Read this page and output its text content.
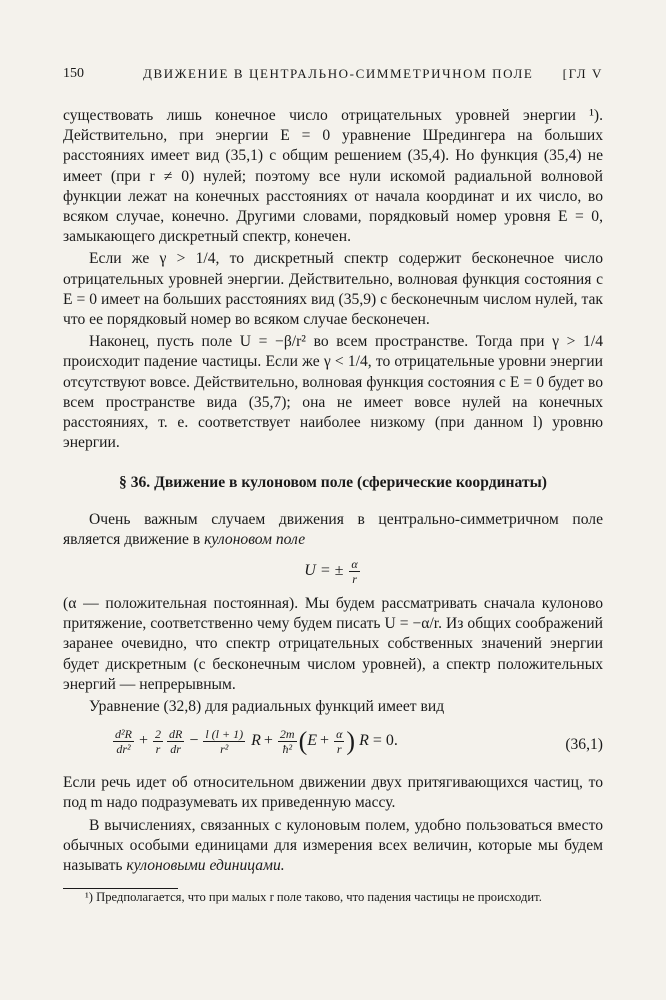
150	ДВИЖЕНИЕ В ЦЕНТРАЛЬНО-СИММЕТРИЧНОМ ПОЛЕ [ГЛ V

существовать лишь конечное число отрицательных уровней энергии ¹). Действительно, при энергии E = 0 уравнение Шредингера на больших расстояниях имеет вид (35,1) с общим решением (35,4). Но функция (35,4) не имеет (при r ≠ 0) нулей; поэтому все нули искомой радиальной волновой функции лежат на конечных расстояниях от начала координат и их число, во всяком случае, конечно. Другими словами, порядковый номер уровня E = 0, замыкающего дискретный спектр, конечен.

Если же γ > 1/4, то дискретный спектр содержит бесконечное число отрицательных уровней энергии. Действительно, волновая функция состояния с E = 0 имеет на больших расстояниях вид (35,9) с бесконечным числом нулей, так что ее порядковый номер во всяком случае бесконечен.

Наконец, пусть поле U = −β/r² во всем пространстве. Тогда при γ > 1/4 происходит падение частицы. Если же γ < 1/4, то отрицательные уровни энергии отсутствуют вовсе. Действительно, волновая функция состояния с E = 0 будет во всем пространстве вида (35,7); она не имеет вовсе нулей на конечных расстояниях, т. е. соответствует наиболее низкому (при данном l) уровню энергии.

§ 36. Движение в кулоновом поле (сферические координаты)

Очень важным случаем движения в центрально-симметричном поле является движение в кулоновом поле

U = ± $\frac{\alpha}{r}$

(α — положительная постоянная). Мы будем рассматривать сначала кулоново притяжение, соответственно чему будем писать U = −α/r. Из общих соображений заранее очевидно, что спектр отрицательных собственных значений энергии будет дискретным (с бесконечным числом уровней), а спектр положительных энергий — непрерывным.

Уравнение (32,8) для радиальных функций имеет вид

$\frac{\text{d²R}}{\text{dr²}} + \frac{2}{r} \frac{dR}{dr} - \frac{l (l + 1)}{\text{r²}}$ $R + \frac{2m}{\text{ħ²}} (E + \frac{\alpha}{r}$ ) R = 0.	(36,1)

Если речь идет об относительном движении двух притягивающихся частиц, то под m надо подразумевать их приведенную массу.

В вычислениях, связанных с кулоновым полем, удобно пользоваться вместо обычных особыми единицами для измерения всех величин, которые мы будем называть кулоновыми единицами.

¹) Предполагается, что при малых r поле таково, что падения частицы не происходит.
